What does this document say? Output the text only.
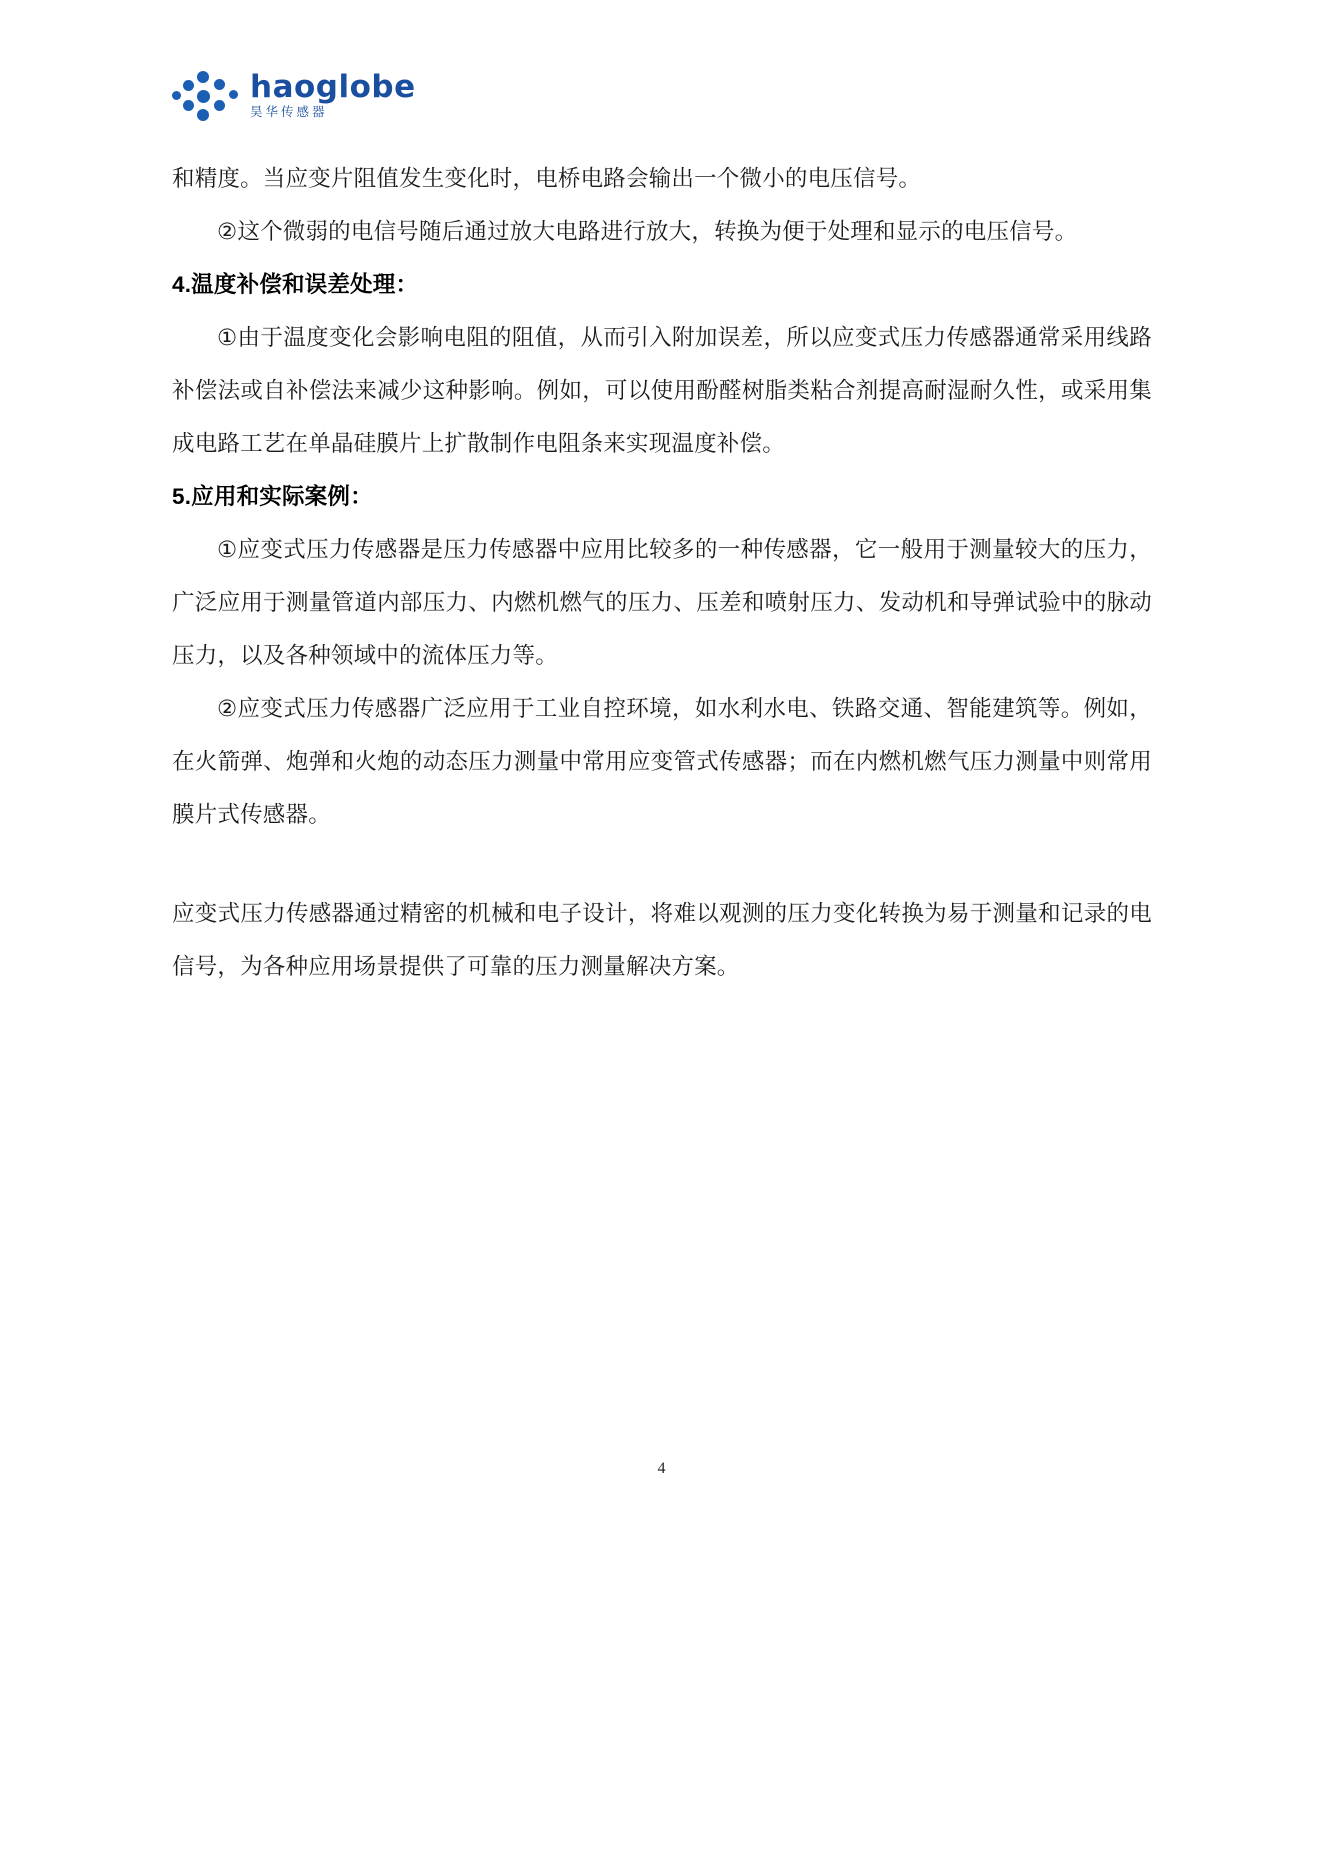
haoglobe
昊华传感器

和精度。当应变片阻值发生变化时，电桥电路会输出一个微小的电压信号。

②这个微弱的电信号随后通过放大电路进行放大，转换为便于处理和显示的电压信号。

4.温度补偿和误差处理：

①由于温度变化会影响电阻的阻值，从而引入附加误差，所以应变式压力传感器通常采用线路补偿法或自补偿法来减少这种影响。例如，可以使用酚醛树脂类粘合剂提高耐湿耐久性，或采用集成电路工艺在单晶硅膜片上扩散制作电阻条来实现温度补偿。

5.应用和实际案例：

①应变式压力传感器是压力传感器中应用比较多的一种传感器，它一般用于测量较大的压力，广泛应用于测量管道内部压力、内燃机燃气的压力、压差和喷射压力、发动机和导弹试验中的脉动压力，以及各种领域中的流体压力等。

②应变式压力传感器广泛应用于工业自控环境，如水利水电、铁路交通、智能建筑等。例如，在火箭弹、炮弹和火炮的动态压力测量中常用应变管式传感器；而在内燃机燃气压力测量中则常用膜片式传感器。

应变式压力传感器通过精密的机械和电子设计，将难以观测的压力变化转换为易于测量和记录的电信号，为各种应用场景提供了可靠的压力测量解决方案。

4
